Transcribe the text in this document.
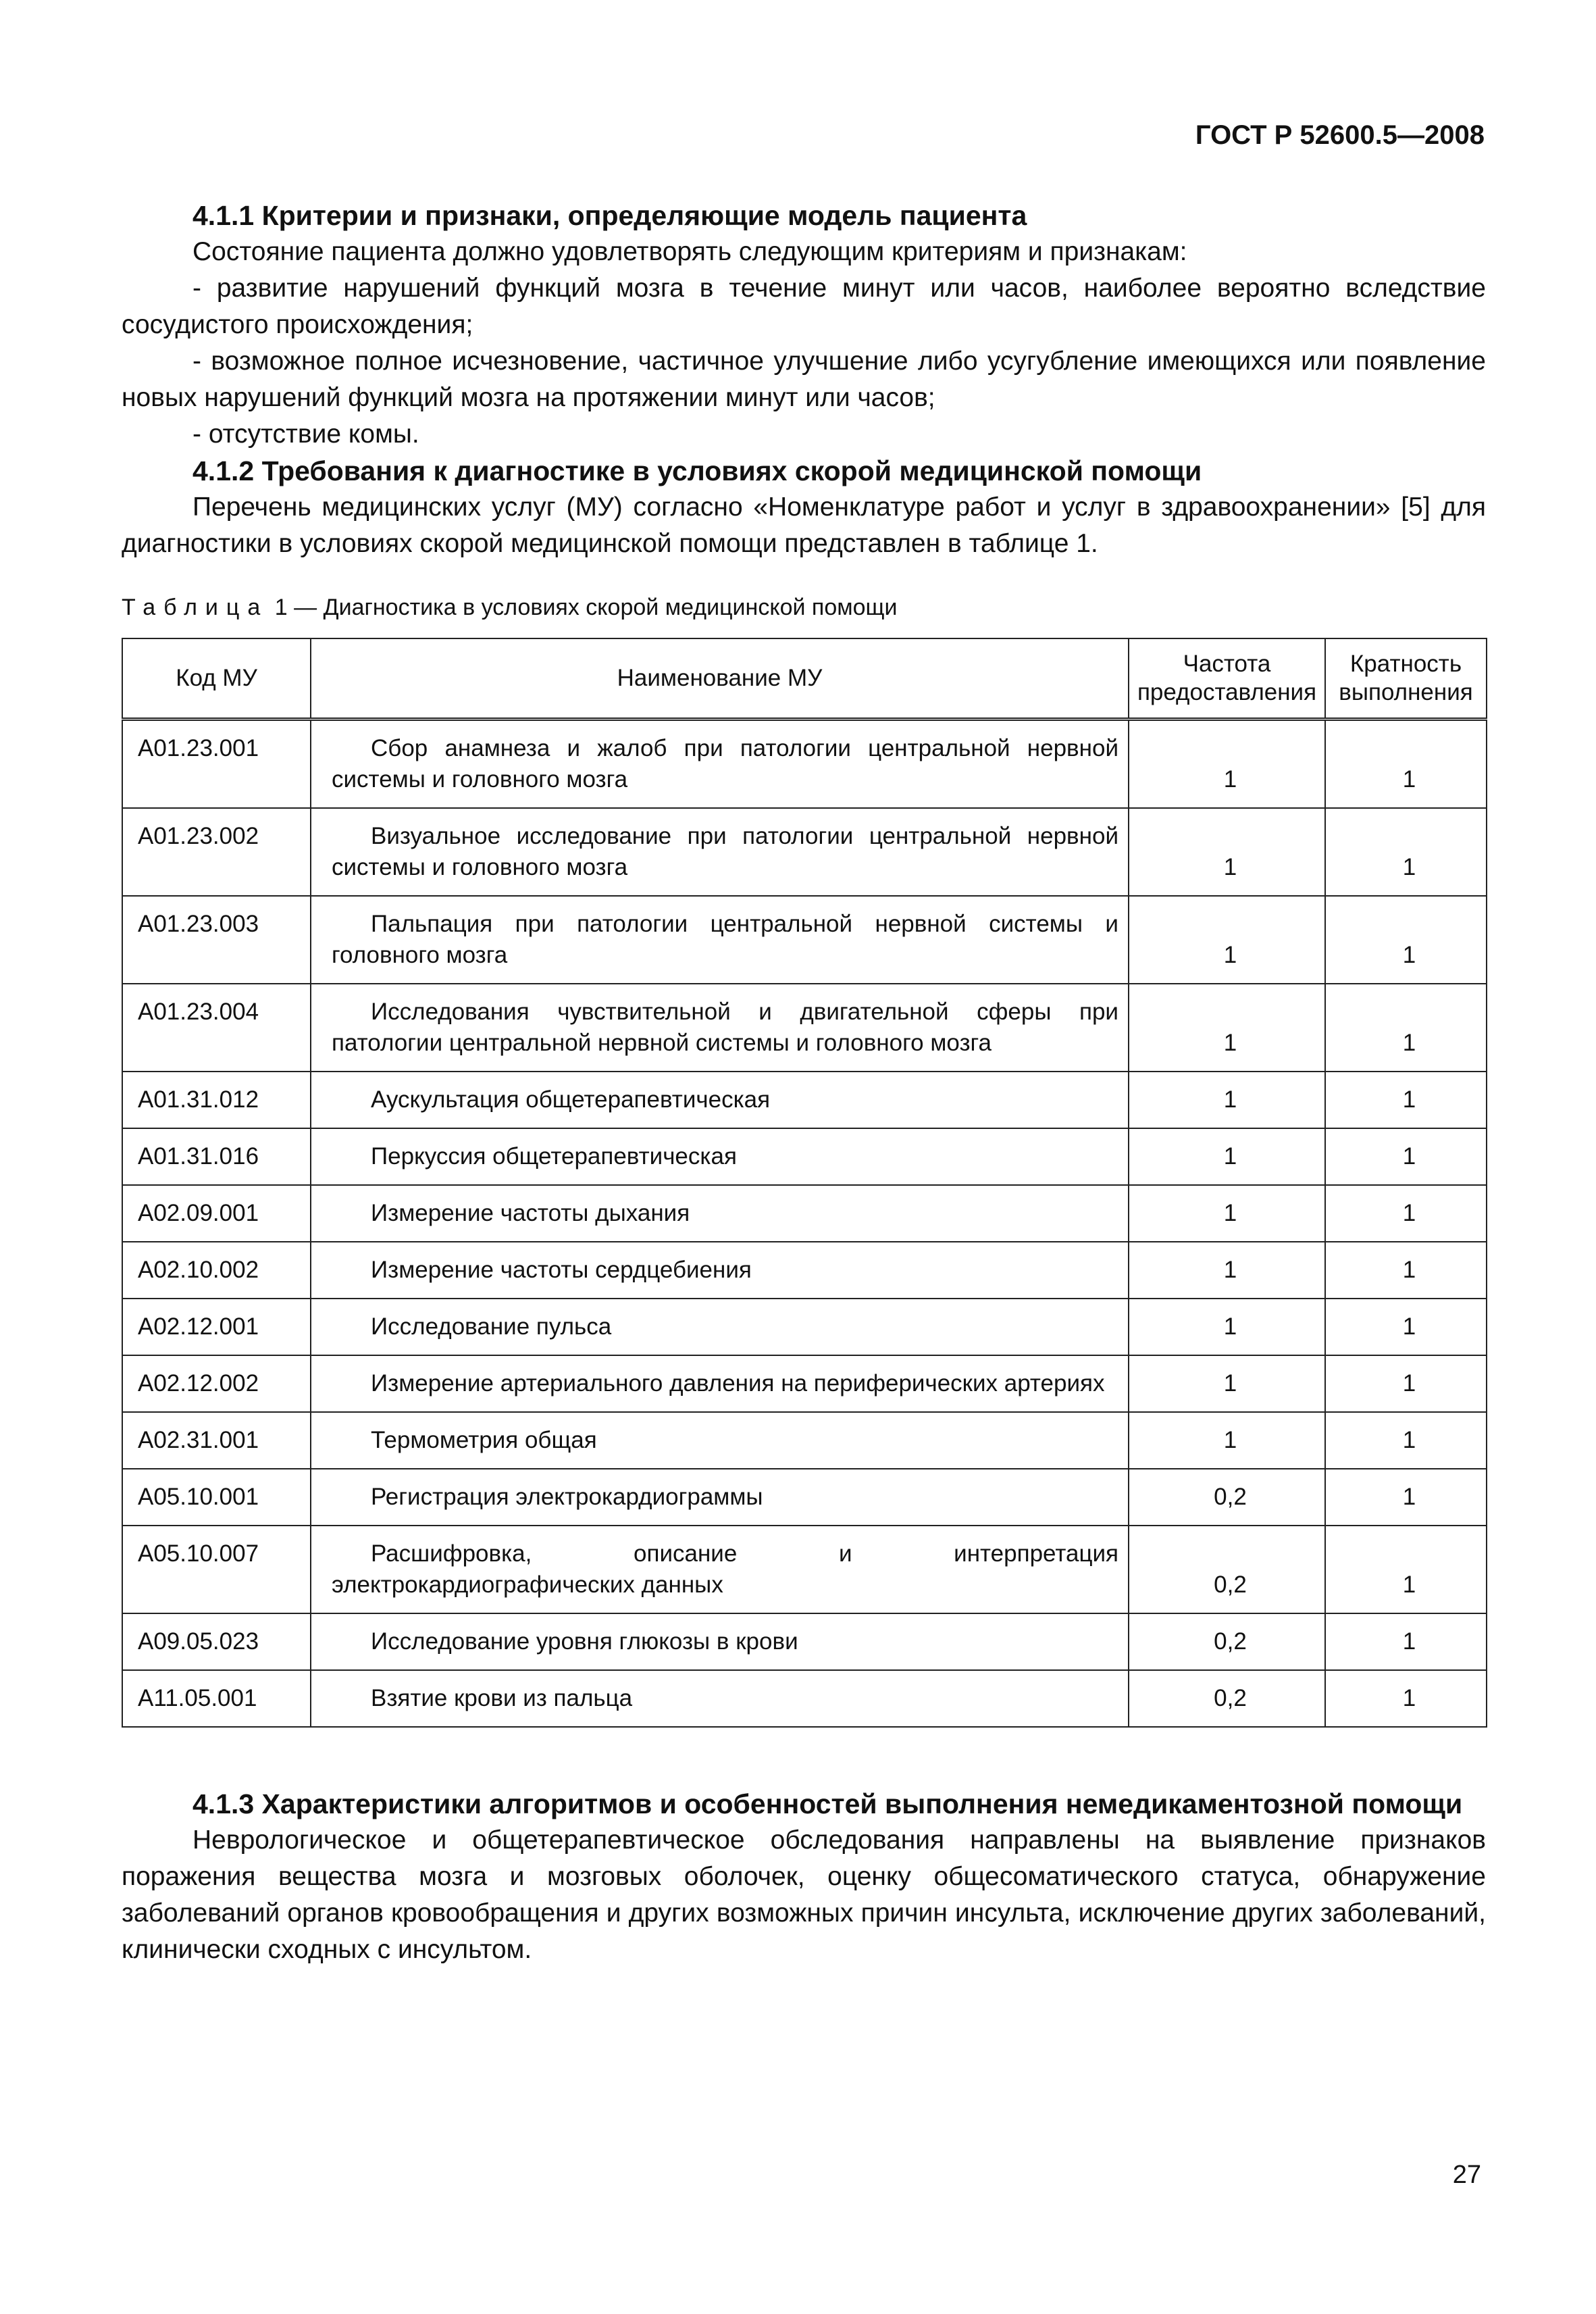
ГОСТ Р 52600.5—2008
4.1.1 Критерии и признаки, определяющие модель пациента

Состояние пациента должно удовлетворять следующим критериям и признакам:

- развитие нарушений функций мозга в течение минут или часов, наиболее вероятно вследствие сосудистого происхождения;

- возможное полное исчезновение, частичное улучшение либо усугубление имеющихся или появление новых нарушений функций мозга на протяжении минут или часов;

- отсутствие комы.

4.1.2 Требования к диагностике в условиях скорой медицинской помощи

Перечень медицинских услуг (МУ) согласно «Номенклатуре работ и услуг в здравоохранении» [5] для диагностики в условиях скорой медицинской помощи представлен в таблице 1.

Таблица 1 — Диагностика в условиях скорой медицинской помощи
Код МУ	Наименование МУ	Частота предоставления	Кратность выполнения
A01.23.001	Сбор анамнеза и жалоб при патологии центральной нервной системы и головного мозга	1	1
A01.23.002	Визуальное исследование при патологии центральной нервной системы и головного мозга	1	1
A01.23.003	Пальпация при патологии центральной нервной системы и головного мозга	1	1
A01.23.004	Исследования чувствительной и двигательной сферы при патологии центральной нервной системы и головного мозга	1	1
A01.31.012	Аускультация общетерапевтическая	1	1
A01.31.016	Перкуссия общетерапевтическая	1	1
A02.09.001	Измерение частоты дыхания	1	1
A02.10.002	Измерение частоты сердцебиения	1	1
A02.12.001	Исследование пульса	1	1
A02.12.002	Измерение артериального давления на периферических артериях	1	1
A02.31.001	Термометрия общая	1	1
A05.10.001	Регистрация электрокардиограммы	0,2	1
A05.10.007	Расшифровка, описание и интерпретация электрокардиографических данных	0,2	1
A09.05.023	Исследование уровня глюкозы в крови	0,2	1
A11.05.001	Взятие крови из пальца	0,2	1
4.1.3 Характеристики алгоритмов и особенностей выполнения немедикаментозной помощи

Неврологическое и общетерапевтическое обследования направлены на выявление признаков поражения вещества мозга и мозговых оболочек, оценку общесоматического статуса, обнаружение заболеваний органов кровообращения и других возможных причин инсульта, исключение других заболеваний, клинически сходных с инсультом.

27
